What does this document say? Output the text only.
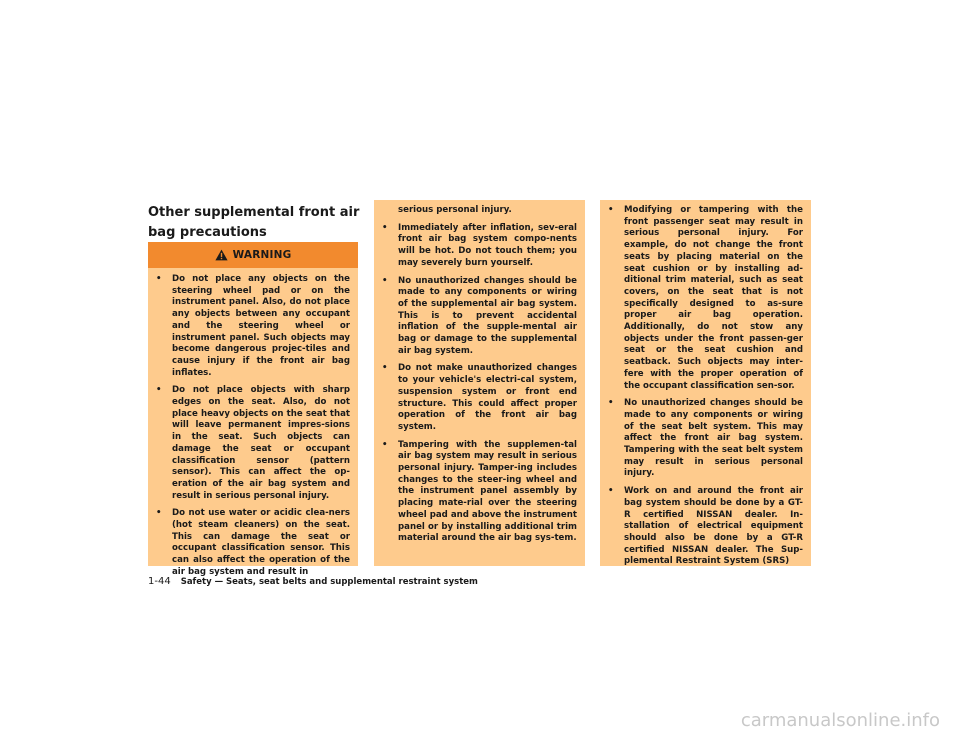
Other supplemental front air bag precautions
WARNING
•	Do not place any objects on the steering wheel pad or on the instrument panel. Also, do not place any objects between any occupant and the steering wheel or instrument panel. Such objects may become dangerous projec-tiles and cause injury if the front air bag inflates.
•	Do not place objects with sharp edges on the seat. Also, do not place heavy objects on the seat that will leave permanent impres-sions in the seat. Such objects can damage the seat or occupant classification sensor (pattern sensor). This can affect the op-eration of the air bag system and result in serious personal injury.
•	Do not use water or acidic clea-ners (hot steam cleaners) on the seat. This can damage the seat or occupant classification sensor. This can also affect the operation of the air bag system and result in
serious personal injury.
•	Immediately after inflation, sev-eral front air bag system compo-nents will be hot. Do not touch them; you may severely burn yourself.
•	No unauthorized changes should be made to any components or wiring of the supplemental air bag system. This is to prevent accidental inflation of the supple-mental air bag or damage to the supplemental air bag system.
•	Do not make unauthorized changes to your vehicle's electri-cal system, suspension system or front end structure. This could affect proper operation of the front air bag system.
•	Tampering with the supplemen-tal air bag system may result in serious personal injury. Tamper-ing includes changes to the steer-ing wheel and the instrument panel assembly by placing mate-rial over the steering wheel pad and above the instrument panel or by installing additional trim material around the air bag sys-tem.
•	Modifying or tampering with the front passenger seat may result in serious personal injury. For example, do not change the front seats by placing material on the seat cushion or by installing ad-ditional trim material, such as seat covers, on the seat that is not specifically designed to as-sure proper air bag operation. Additionally, do not stow any objects under the front passen-ger seat or the seat cushion and seatback. Such objects may inter-fere with the proper operation of the occupant classification sen-sor.
•	No unauthorized changes should be made to any components or wiring of the seat belt system. This may affect the front air bag system. Tampering with the seat belt system may result in serious personal injury.
•	Work on and around the front air bag system should be done by a GT-R certified NISSAN dealer. In-stallation of electrical equipment should also be done by a GT-R certified NISSAN dealer. The Sup-plemental Restraint System (SRS)
1-44 Safety — Seats, seat belts and supplemental restraint system
carmanualsonline.info
